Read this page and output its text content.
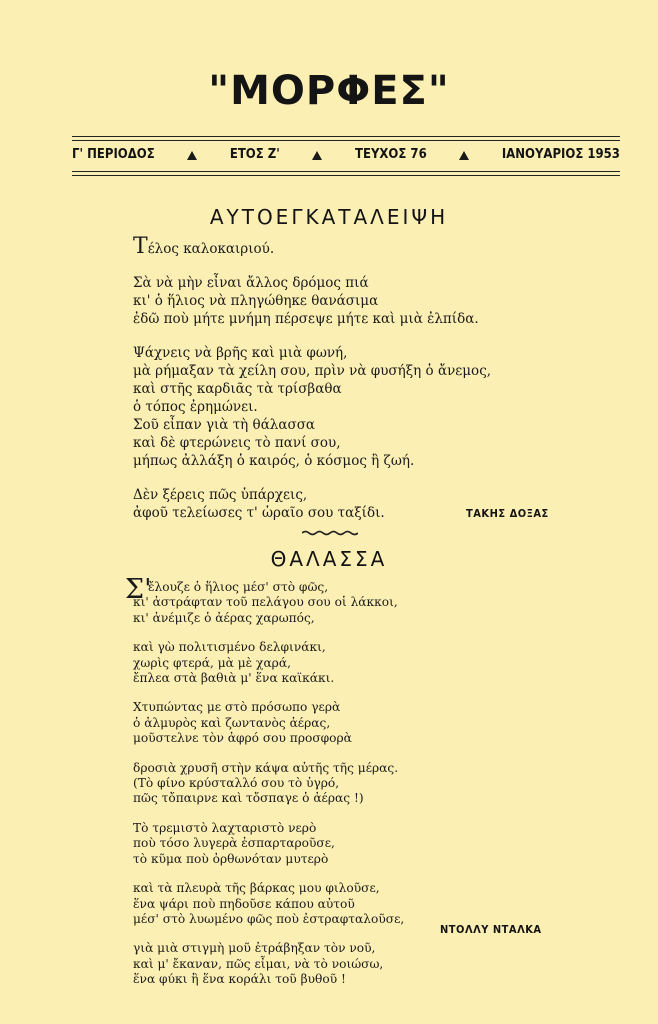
"ΜΟΡΦΕΣ"
Γ' ΠΕΡΙΟΔΟΣ	ΕΤΟΣ Ζ'	ΤΕΥΧΟΣ 76	ΙΑΝΟΥΑΡΙΟΣ 1953
ΑΥΤΟΕΓΚΑΤΑΛΕΙΨΗ
Τέλος καλοκαιριού.
Σὰ νὰ μὴν εἶναι ἄλλος δρόμος πιά
κι' ὁ ἥλιος νὰ πληγώθηκε θανάσιμα
ἐδῶ ποὺ μήτε μνήμη πέρσεψε μήτε καὶ μιὰ ἐλπίδα.
Ψάχνεις νὰ βρῆς καὶ μιὰ φωνή,
μὰ ρήμαξαν τὰ χείλη σου, πρὶν νὰ φυσήξη ὁ ἄνεμος,
καὶ στῆς καρδιᾶς τὰ τρίσβαθα
ὁ τόπος ἐρημώνει.
Σοῦ εἶπαν γιὰ τὴ θάλασσα
καὶ δὲ φτερώνεις τὸ πανί σου,
μήπως ἀλλάξη ὁ καιρός, ὁ κόσμος ἢ ζωή.
Δὲν ξέρεις πῶς ὑπάρχεις,
ἀφοῦ τελείωσες τ' ὡραῖο σου ταξίδι.	ΤΑΚΗΣ ΔΟΞΑΣ
ΘΑΛΑΣΣΑ
Σ'
ἔλουζε ὁ ἥλιος μέσ' στὸ φῶς,
κι' ἀστράφταν τοῦ πελάγου σου οἱ λάκκοι,
κι' ἀνέμιζε ὁ ἀέρας χαρωπός,
καὶ γὼ πολιτισμένο δελφινάκι,
χωρὶς φτερά, μὰ μὲ χαρά,
ἔπλεα στὰ βαθιὰ μ' ἕνα καϊκάκι.
Χτυπώντας με στὸ πρόσωπο γερὰ
ὁ ἁλμυρὸς καὶ ζωντανὸς ἀέρας,
μοῦστελνε τὸν ἀφρό σου προσφορὰ
δροσιὰ χρυσῆ στὴν κάψα αὐτῆς τῆς μέρας.
(Τὸ φίνο κρύσταλλό σου τὸ ὑγρό,
πῶς τὄπαιρνε καὶ τὄσπαγε ὁ ἀέρας !)
Τὸ τρεμιστὸ λαχταριστὸ νερὸ
ποὺ τόσο λυγερὰ ἐσπαρταροῦσε,
τὸ κῦμα ποὺ ὀρθωνόταν μυτερὸ
καὶ τὰ πλευρὰ τῆς βάρκας μου φιλοῦσε,
ἕνα ψάρι ποὺ πηδοῦσε κάπου αὐτοῦ
μέσ' στὸ λυωμένο φῶς ποὺ ἐστραφταλοῦσε,
γιὰ μιὰ στιγμὴ μοῦ ἐτράβηξαν τὸν νοῦ,
καὶ μ' ἔκαναν, πῶς εἶμαι, νὰ τὸ νοιώσω,
ἕνα φύκι ἢ ἕνα κοράλι τοῦ βυθοῦ !
ΝΤΟΛΛΥ ΝΤΑΛΚΑ
